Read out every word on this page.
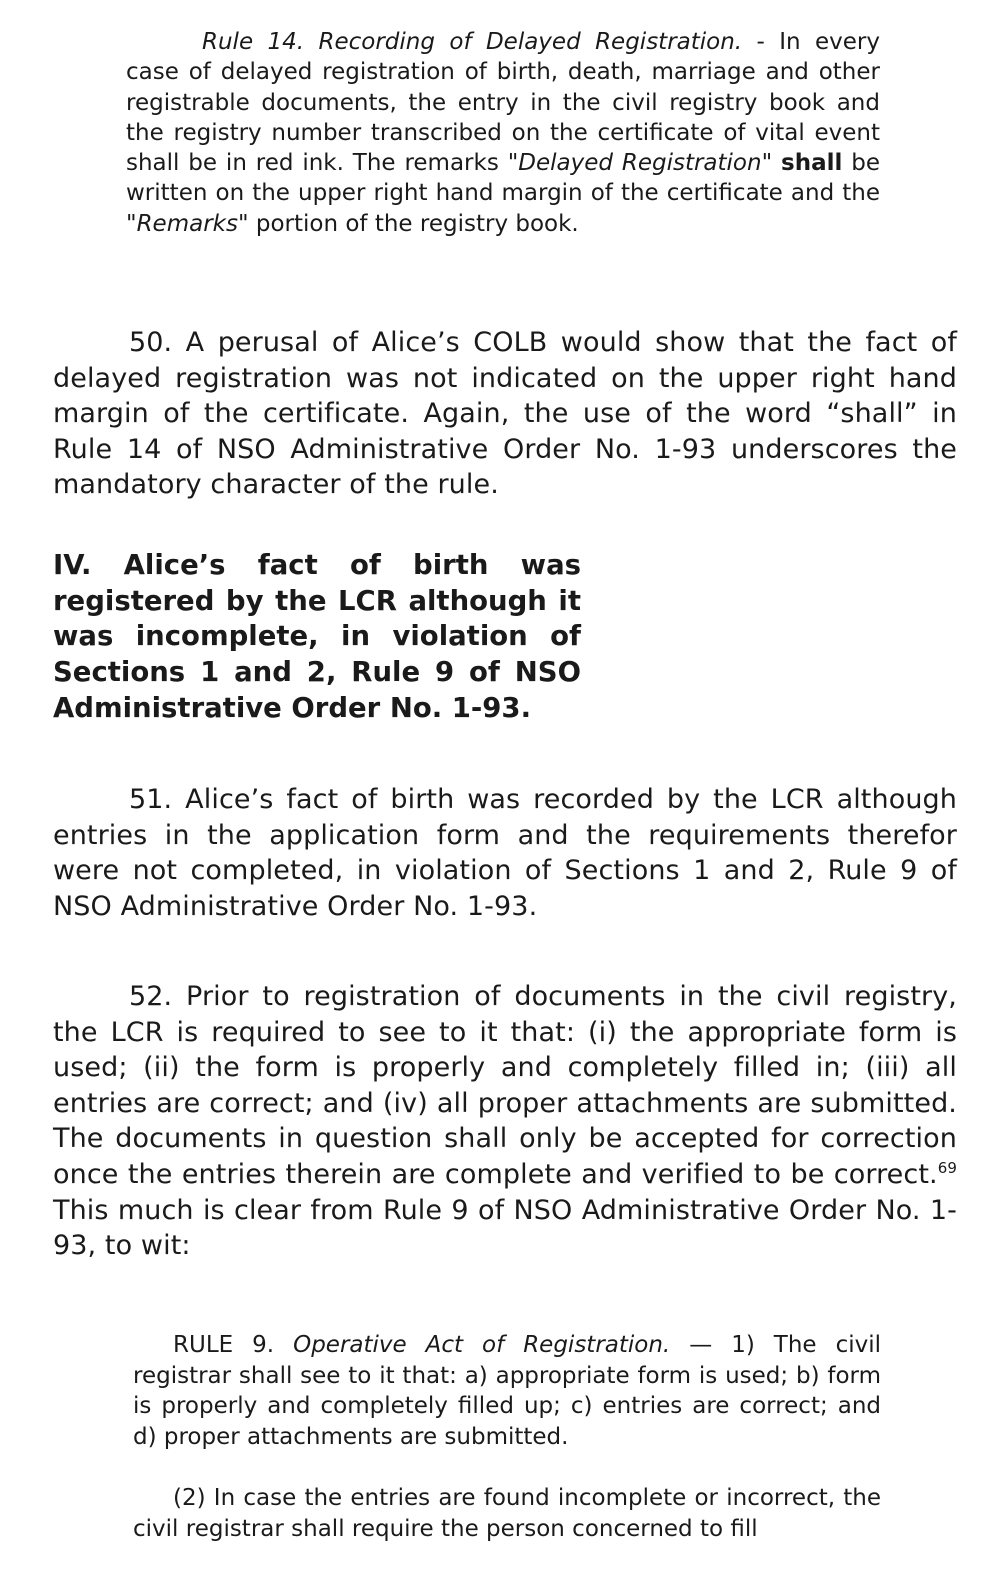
Rule 14. Recording of Delayed Registration. - In every case of delayed registration of birth, death, marriage and other registrable documents, the entry in the civil registry book and the registry number transcribed on the certificate of vital event shall be in red ink. The remarks "Delayed Registration" shall be written on the upper right hand margin of the certificate and the "Remarks" portion of the registry book.
50. A perusal of Alice’s COLB would show that the fact of delayed registration was not indicated on the upper right hand margin of the certificate. Again, the use of the word “shall” in Rule 14 of NSO Administrative Order No. 1-93 underscores the mandatory character of the rule.
IV. Alice’s fact of birth was registered by the LCR although it was incomplete, in violation of Sections 1 and 2, Rule 9 of NSO Administrative Order No. 1-93.
51. Alice’s fact of birth was recorded by the LCR although entries in the application form and the requirements therefor were not completed, in violation of Sections 1 and 2, Rule 9 of NSO Administrative Order No. 1-93.
52. Prior to registration of documents in the civil registry, the LCR is required to see to it that: (i) the appropriate form is used; (ii) the form is properly and completely filled in; (iii) all entries are correct; and (iv) all proper attachments are submitted. The documents in question shall only be accepted for correction once the entries therein are complete and verified to be correct.$^{69}$ This much is clear from Rule 9 of NSO Administrative Order No. 1-93, to wit:
RULE 9. Operative Act of Registration. — 1) The civil registrar shall see to it that: a) appropriate form is used; b) form is properly and completely filled up; c) entries are correct; and d) proper attachments are submitted.
(2) In case the entries are found incomplete or incorrect, the civil registrar shall require the person concerned to fill
